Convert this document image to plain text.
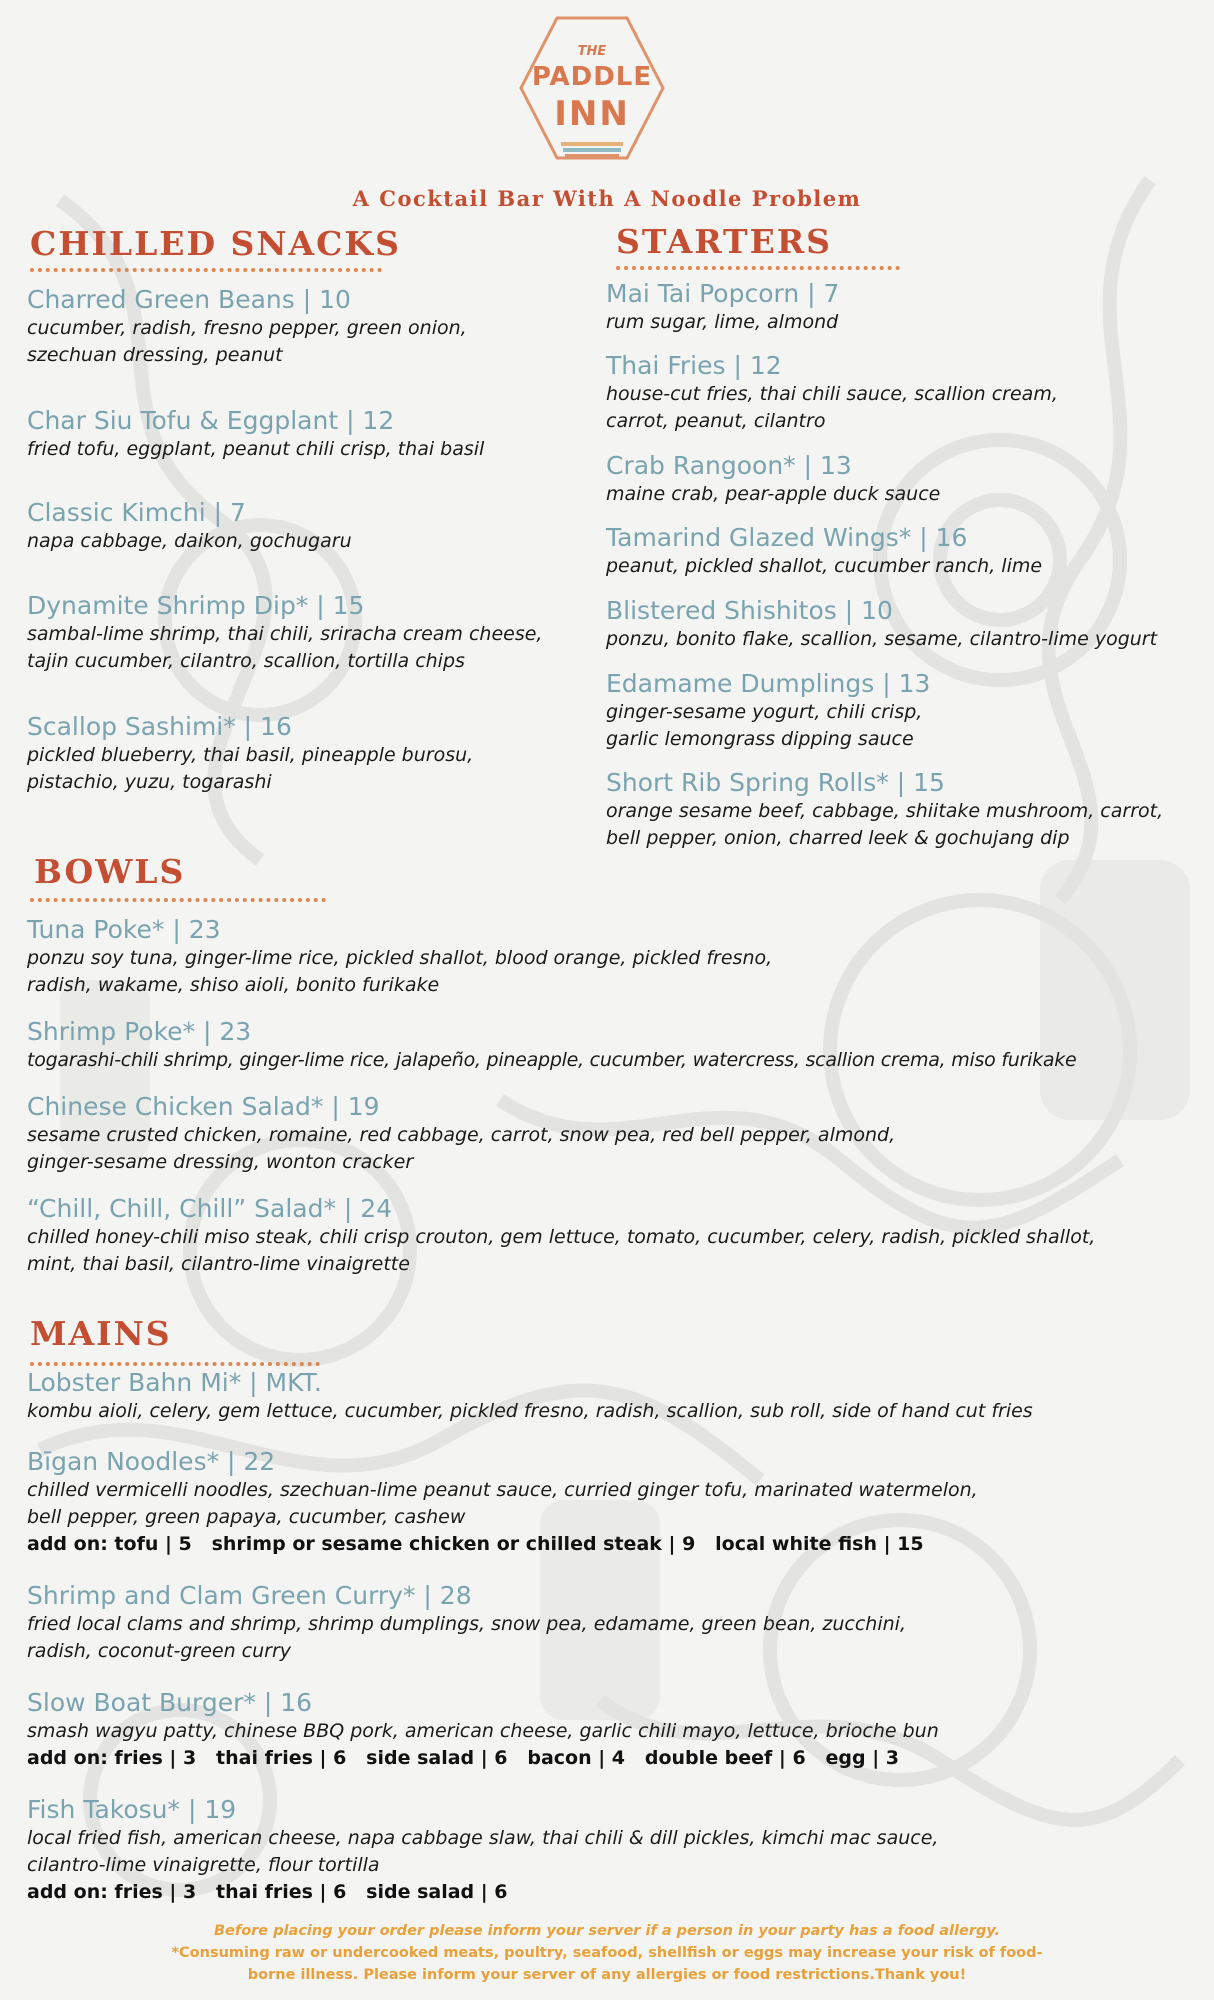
THE
PADDLE
INN
A Cocktail Bar With A Noodle Problem
CHILLED SNACKS
Charred Green Beans | 10
cucumber, radish, fresno pepper, green onion,
szechuan dressing, peanut
Char Siu Tofu & Eggplant | 12
fried tofu, eggplant, peanut chili crisp, thai basil
Classic Kimchi | 7
napa cabbage, daikon, gochugaru
Dynamite Shrimp Dip* | 15
sambal-lime shrimp, thai chili, sriracha cream cheese,
tajin cucumber, cilantro, scallion, tortilla chips
Scallop Sashimi* | 16
pickled blueberry, thai basil, pineapple burosu,
pistachio, yuzu, togarashi
STARTERS
Mai Tai Popcorn | 7
rum sugar, lime, almond
Thai Fries | 12
house-cut fries, thai chili sauce, scallion cream,
carrot, peanut, cilantro
Crab Rangoon* | 13
maine crab, pear-apple duck sauce
Tamarind Glazed Wings* | 16
peanut, pickled shallot, cucumber ranch, lime
Blistered Shishitos | 10
ponzu, bonito flake, scallion, sesame, cilantro-lime yogurt
Edamame Dumplings | 13
ginger-sesame yogurt, chili crisp,
garlic lemongrass dipping sauce
Short Rib Spring Rolls* | 15
orange sesame beef, cabbage, shiitake mushroom, carrot,
bell pepper, onion, charred leek & gochujang dip
BOWLS
Tuna Poke* | 23
ponzu soy tuna, ginger-lime rice, pickled shallot, blood orange, pickled fresno,
radish, wakame, shiso aioli, bonito furikake
Shrimp Poke* | 23
togarashi-chili shrimp, ginger-lime rice, jalapeño, pineapple, cucumber, watercress, scallion crema, miso furikake
Chinese Chicken Salad* | 19
sesame crusted chicken, romaine, red cabbage, carrot, snow pea, red bell pepper, almond,
ginger-sesame dressing, wonton cracker
“Chill, Chill, Chill” Salad* | 24
chilled honey-chili miso steak, chili crisp crouton, gem lettuce, tomato, cucumber, celery, radish, pickled shallot,
mint, thai basil, cilantro-lime vinaigrette
MAINS
Lobster Bahn Mi* | MKT.
kombu aioli, celery, gem lettuce, cucumber, pickled fresno, radish, scallion, sub roll, side of hand cut fries
Bīgan Noodles* | 22
chilled vermicelli noodles, szechuan-lime peanut sauce, curried ginger tofu, marinated watermelon,
bell pepper, green papaya, cucumber, cashew
add on: tofu | 5   shrimp or sesame chicken or chilled steak | 9   local white fish | 15
Shrimp and Clam Green Curry* | 28
fried local clams and shrimp, shrimp dumplings, snow pea, edamame, green bean, zucchini,
radish, coconut-green curry
Slow Boat Burger* | 16
smash wagyu patty, chinese BBQ pork, american cheese, garlic chili mayo, lettuce, brioche bun
add on: fries | 3   thai fries | 6   side salad | 6   bacon | 4   double beef | 6   egg | 3
Fish Takosu* | 19
local fried fish, american cheese, napa cabbage slaw, thai chili & dill pickles, kimchi mac sauce,
cilantro-lime vinaigrette, flour tortilla
add on: fries | 3   thai fries | 6   side salad | 6
Before placing your order please inform your server if a person in your party has a food allergy.
*Consuming raw or undercooked meats, poultry, seafood, shellfish or eggs may increase your risk of food-
borne illness. Please inform your server of any allergies or food restrictions.Thank you!
